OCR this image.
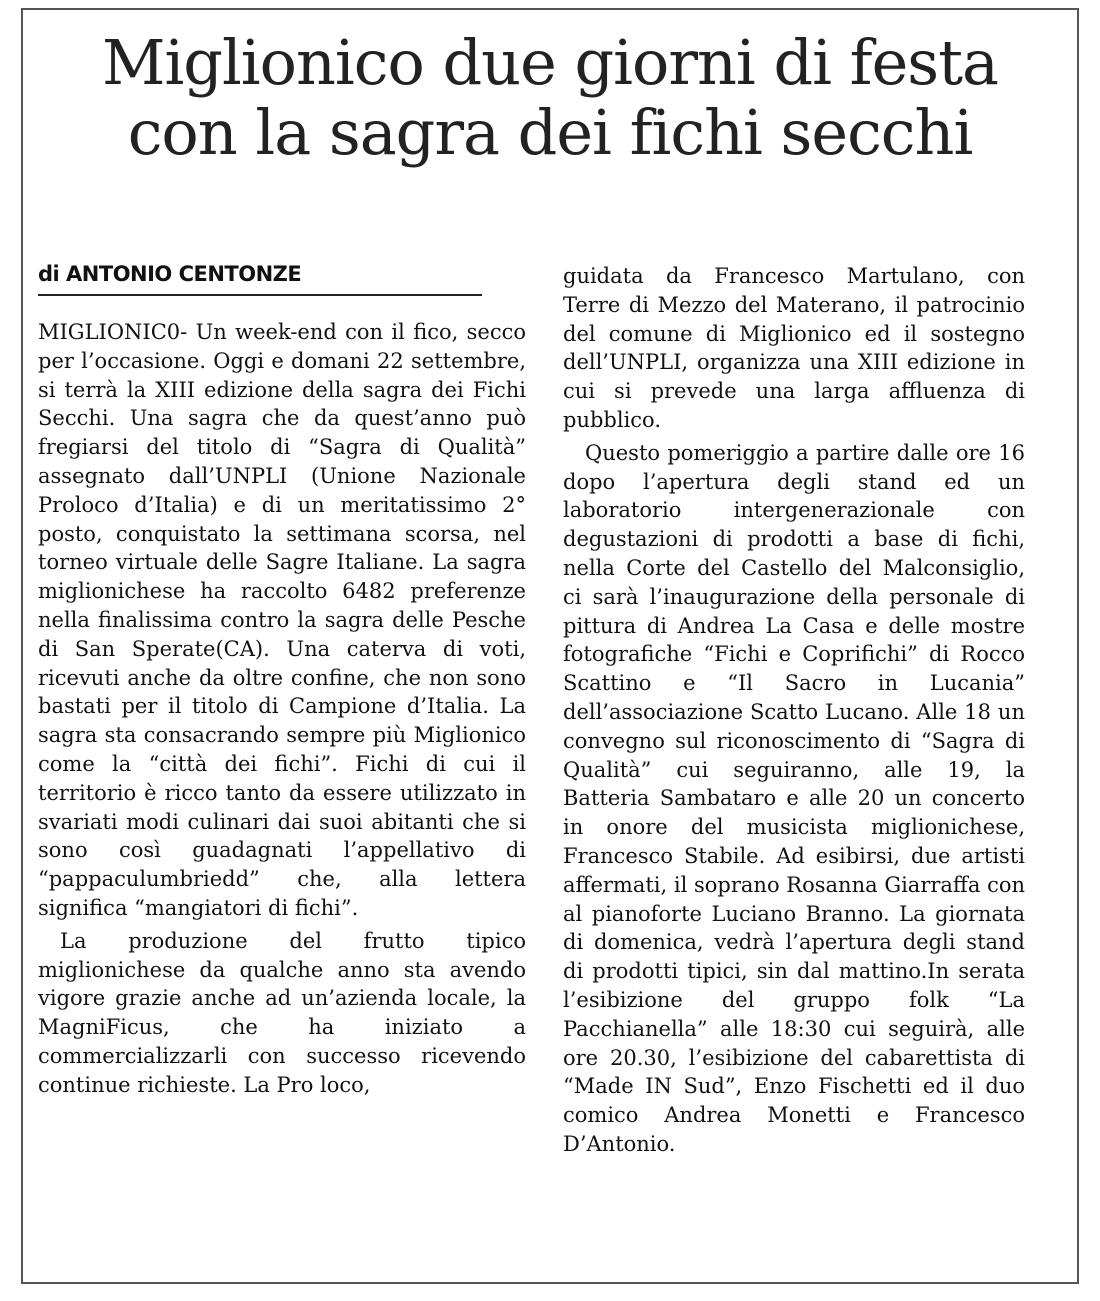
Miglionico due giorni di festa
con la sagra dei fichi secchi
di ANTONIO CENTONZE

MIGLIONIC0- Un week-end con il fico, secco per l’occasione. Oggi e domani 22 settembre, si terrà la XIII edizione della sagra dei Fichi Secchi. Una sagra che da quest’anno può fregiarsi del titolo di “Sagra di Qualità” assegnato dall’UNPLI (Unione Nazionale Proloco d’Italia) e di un meritatissimo 2° posto, conquistato la settimana scorsa, nel torneo virtuale delle Sagre Italiane. La sagra miglionichese ha raccolto 6482 preferenze nella finalissima contro la sagra delle Pesche di San Sperate(CA). Una caterva di voti, ricevuti anche da oltre confine, che non sono bastati per il titolo di Campione d’Italia. La sagra sta consacrando sempre più Miglionico come la “città dei fichi”. Fichi di cui il territorio è ricco tanto da essere utilizzato in svariati modi culinari dai suoi abitanti che si sono così guadagnati l’appellativo di “pappaculumbriedd” che, alla lettera significa “mangiatori di fichi”.

La produzione del frutto tipico miglionichese da qualche anno sta avendo vigore grazie anche ad un’azienda locale, la MagniFicus, che ha iniziato a commercializzarli con successo ricevendo continue richieste. La Pro loco,

guidata da Francesco Martulano, con Terre di Mezzo del Materano, il patrocinio del comune di Miglionico ed il sostegno dell’UNPLI, organizza una XIII edizione in cui si prevede una larga affluenza di pubblico.

Questo pomeriggio a partire dalle ore 16 dopo l’apertura degli stand ed un laboratorio intergenerazionale con degustazioni di prodotti a base di fichi, nella Corte del Castello del Malconsiglio, ci sarà l’inaugurazione della personale di pittura di Andrea La Casa e delle mostre fotografiche “Fichi e Coprifichi” di Rocco Scattino e “Il Sacro in Lucania” dell’associazione Scatto Lucano. Alle 18 un convegno sul riconoscimento di “Sagra di Qualità” cui seguiranno, alle 19, la Batteria Sambataro e alle 20 un concerto in onore del musicista miglionichese, Francesco Stabile. Ad esibirsi, due artisti affermati, il soprano Rosanna Giarraffa con al pianoforte Luciano Branno. La giornata di domenica, vedrà l’apertura degli stand di prodotti tipici, sin dal mattino.In serata l’esibizione del gruppo folk “La Pacchianella” alle 18:30 cui seguirà, alle ore 20.30, l’esibizione del cabarettista di “Made IN Sud”, Enzo Fischetti ed il duo comico Andrea Monetti e Francesco D’Antonio.
